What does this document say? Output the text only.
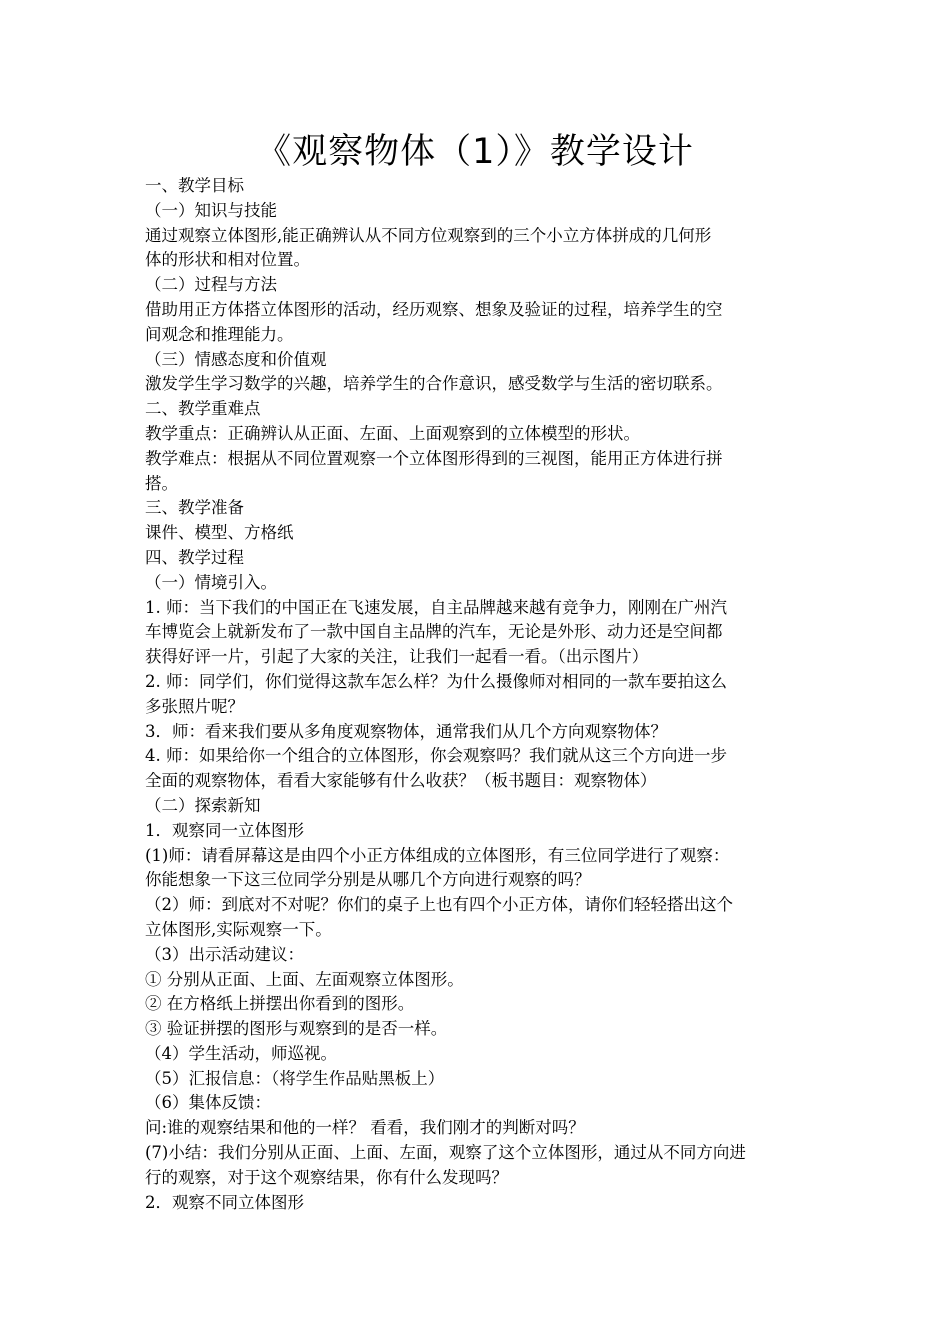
《观察物体（1）》教学设计
一、教学目标
（一）知识与技能
通过观察立体图形,能正确辨认从不同方位观察到的三个小立方体拼成的几何形
体的形状和相对位置。
（二）过程与方法
借助用正方体搭立体图形的活动，经历观察、想象及验证的过程，培养学生的空
间观念和推理能力。
（三）情感态度和价值观
激发学生学习数学的兴趣，培养学生的合作意识，感受数学与生活的密切联系。
二、教学重难点
教学重点：正确辨认从正面、左面、上面观察到的立体模型的形状。
教学难点：根据从不同位置观察一个立体图形得到的三视图，能用正方体进行拼
搭。
三、教学准备
课件、模型、方格纸
四、教学过程
（一）情境引入。
1. 师：当下我们的中国正在飞速发展，自主品牌越来越有竞争力，刚刚在广州汽
车博览会上就新发布了一款中国自主品牌的汽车，无论是外形、动力还是空间都
获得好评一片，引起了大家的关注，让我们一起看一看。（出示图片）
2. 师：同学们，你们觉得这款车怎么样？为什么摄像师对相同的一款车要拍这么
多张照片呢？
3．师：看来我们要从多角度观察物体，通常我们从几个方向观察物体？
4. 师：如果给你一个组合的立体图形，你会观察吗？我们就从这三个方向进一步
全面的观察物体，看看大家能够有什么收获？（板书题目：观察物体）
（二）探索新知
1．观察同一立体图形
(1)师：请看屏幕这是由四个小正方体组成的立体图形，有三位同学进行了观察：
你能想象一下这三位同学分别是从哪几个方向进行观察的吗？
（2）师：到底对不对呢？你们的桌子上也有四个小正方体，请你们轻轻搭出这个
立体图形,实际观察一下。
（3）出示活动建议：
① 分别从正面、上面、左面观察立体图形。
② 在方格纸上拼摆出你看到的图形。
③ 验证拼摆的图形与观察到的是否一样。
（4）学生活动，师巡视。
（5）汇报信息：（将学生作品贴黑板上）
（6）集体反馈：
问:谁的观察结果和他的一样？ 看看，我们刚才的判断对吗？
(7)小结：我们分别从正面、上面、左面，观察了这个立体图形，通过从不同方向进
行的观察，对于这个观察结果，你有什么发现吗？
2．观察不同立体图形
